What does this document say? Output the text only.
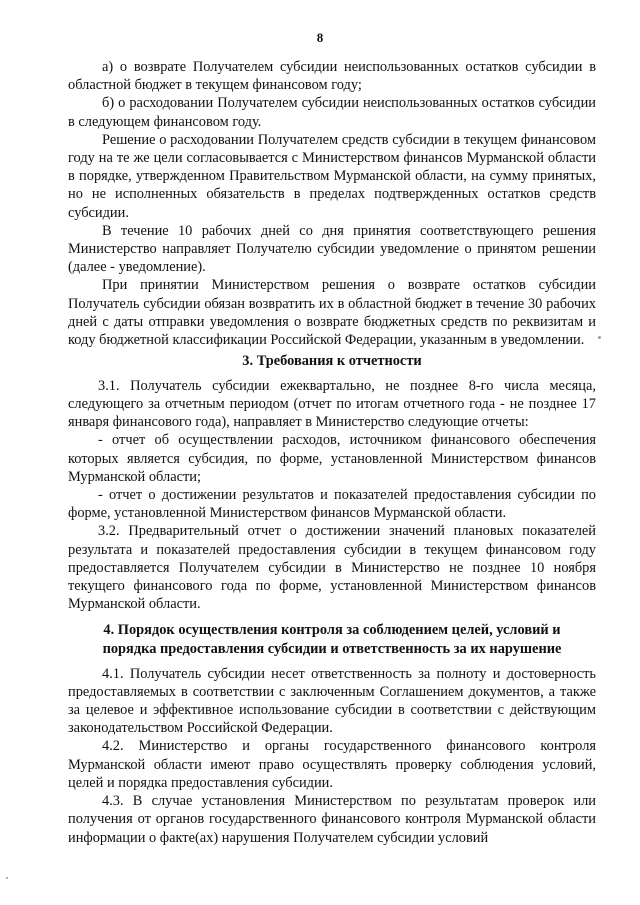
8

а) о возврате Получателем субсидии неиспользованных остатков субсидии в областной бюджет в текущем финансовом году;

б) о расходовании Получателем субсидии неиспользованных остатков субсидии в следующем финансовом году.

Решение о расходовании Получателем средств субсидии в текущем финансовом году на те же цели согласовывается с Министерством финансов Мурманской области в порядке, утвержденном Правительством Мурманской области, на сумму принятых, но не исполненных обязательств в пределах подтвержденных остатков средств субсидии.

В течение 10 рабочих дней со дня принятия соответствующего решения Министерство направляет Получателю субсидии уведомление о принятом решении (далее - уведомление).

При принятии Министерством решения о возврате остатков субсидии Получатель субсидии обязан возвратить их в областной бюджет в течение 30 рабочих дней с даты отправки уведомления о возврате бюджетных средств по реквизитам и коду бюджетной классификации Российской Федерации, указанным в уведомлении.

3. Требования к отчетности

3.1. Получатель субсидии ежеквартально, не позднее 8-го числа месяца, следующего за отчетным периодом (отчет по итогам отчетного года - не позднее 17 января финансового года), направляет в Министерство следующие отчеты:

- отчет об осуществлении расходов, источником финансового обеспечения которых является субсидия, по форме, установленной Министерством финансов Мурманской области;

- отчет о достижении результатов и показателей предоставления субсидии по форме, установленной Министерством финансов Мурманской области.

3.2. Предварительный отчет о достижении значений плановых показателей результата и показателей предоставления субсидии в текущем финансовом году предоставляется Получателем субсидии в Министерство не позднее 10 ноября текущего финансового года по форме, установленной Министерством финансов Мурманской области.

4. Порядок осуществления контроля за соблюдением целей, условий и
порядка предоставления субсидии и ответственность за их нарушение

4.1. Получатель субсидии несет ответственность за полноту и достоверность предоставляемых в соответствии с заключенным Соглашением документов, а также за целевое и эффективное использование субсидии в соответствии с действующим законодательством Российской Федерации.

4.2. Министерство и органы государственного финансового контроля Мурманской области имеют право осуществлять проверку соблюдения условий, целей и порядка предоставления субсидии.

4.3. В случае установления Министерством по результатам проверок или получения от органов государственного финансового контроля Мурманской области информации о факте(ах) нарушения Получателем субсидии условий
